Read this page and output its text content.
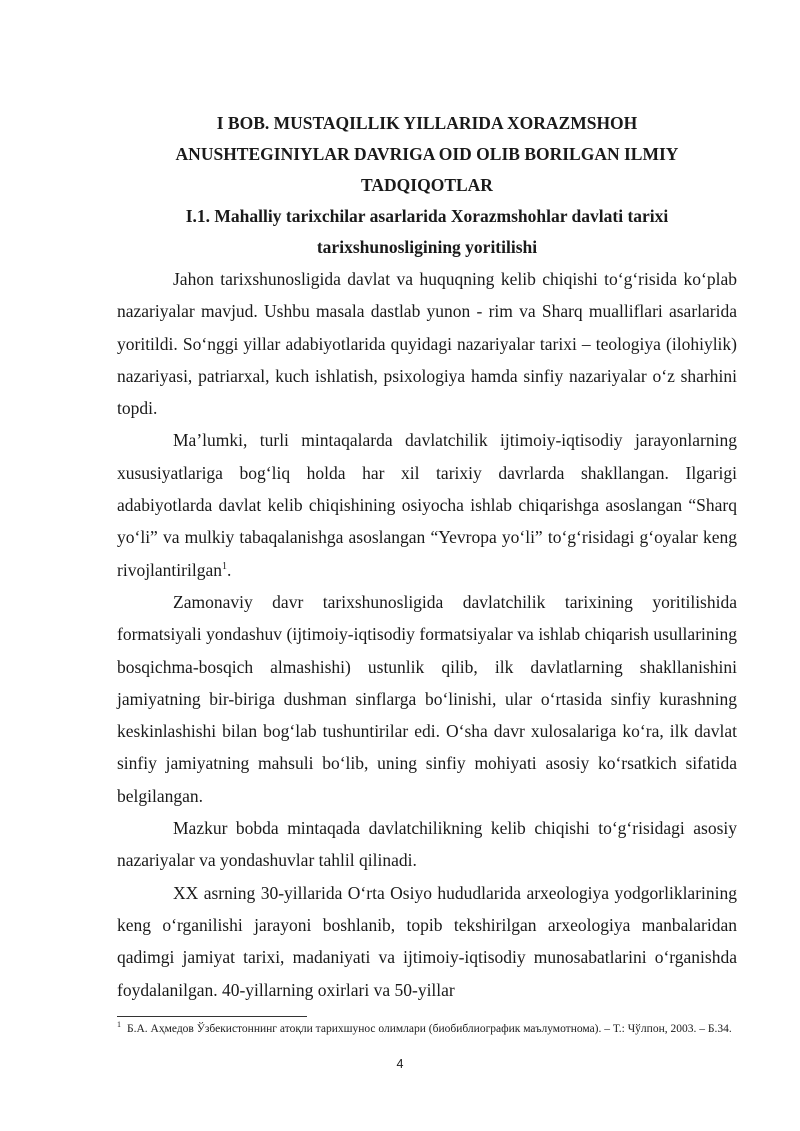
I BOB. MUSTAQILLIK YILLARIDA XORAZMSHOH
ANUSHTEGINIYLAR DAVRIGA OID OLIB BORILGAN ILMIY
TADQIQOTLAR
I.1. Mahalliy tarixchilar asarlarida Xorazmshohlar davlati tarixi
tarixshunosligining yoritilishi

Jahon tarixshunosligida davlat va huquqning kelib chiqishi to‘g‘risida ko‘plab nazariyalar mavjud. Ushbu masala dastlab yunon - rim va Sharq mualliflari asarlarida yoritildi. So‘nggi yillar adabiyotlarida quyidagi nazariyalar tarixi – teologiya (ilohiylik) nazariyasi, patriarxal, kuch ishlatish, psixologiya hamda sinfiy nazariyalar o‘z sharhini topdi.

Ma’lumki, turli mintaqalarda davlatchilik ijtimoiy-iqtisodiy jarayonlarning xususiyatlariga bog‘liq holda har xil tarixiy davrlarda shakllangan. Ilgarigi adabiyotlarda davlat kelib chiqishining osiyocha ishlab chiqarishga asoslangan “Sharq yo‘li” va mulkiy tabaqalanishga asoslangan “Yevropa yo‘li” to‘g‘risidagi g‘oyalar keng rivojlantirilgan$^1$.

Zamonaviy davr tarixshunosligida davlatchilik tarixining yoritilishida formatsiyali yondashuv (ijtimoiy-iqtisodiy formatsiyalar va ishlab chiqarish usullarining bosqichma-bosqich almashishi) ustunlik qilib, ilk davlatlarning shakllanishini jamiyatning bir-biriga dushman sinflarga bo‘linishi, ular o‘rtasida sinfiy kurashning keskinlashishi bilan bog‘lab tushuntirilar edi. O‘sha davr xulosalariga ko‘ra, ilk davlat sinfiy jamiyatning mahsuli bo‘lib, uning sinfiy mohiyati asosiy ko‘rsatkich sifatida belgilangan.

Mazkur bobda mintaqada davlatchilikning kelib chiqishi to‘g‘risidagi asosiy nazariyalar va yondashuvlar tahlil qilinadi.

XX asrning 30-yillarida O‘rta Osiyo hududlarida arxeologiya yodgorliklarining keng o‘rganilishi jarayoni boshlanib, topib tekshirilgan arxeologiya manbalaridan qadimgi jamiyat tarixi, madaniyati va ijtimoiy-iqtisodiy munosabatlarini o‘rganishda foydalanilgan. 40-yillarning oxirlari va 50-yillar

$^1$ Б.А. Аҳмедов Ўзбекистоннинг атоқли тарихшунос олимлари (биобиблиографик маълумотнома). – Т.: Чўлпон, 2003. – Б.34.

4
